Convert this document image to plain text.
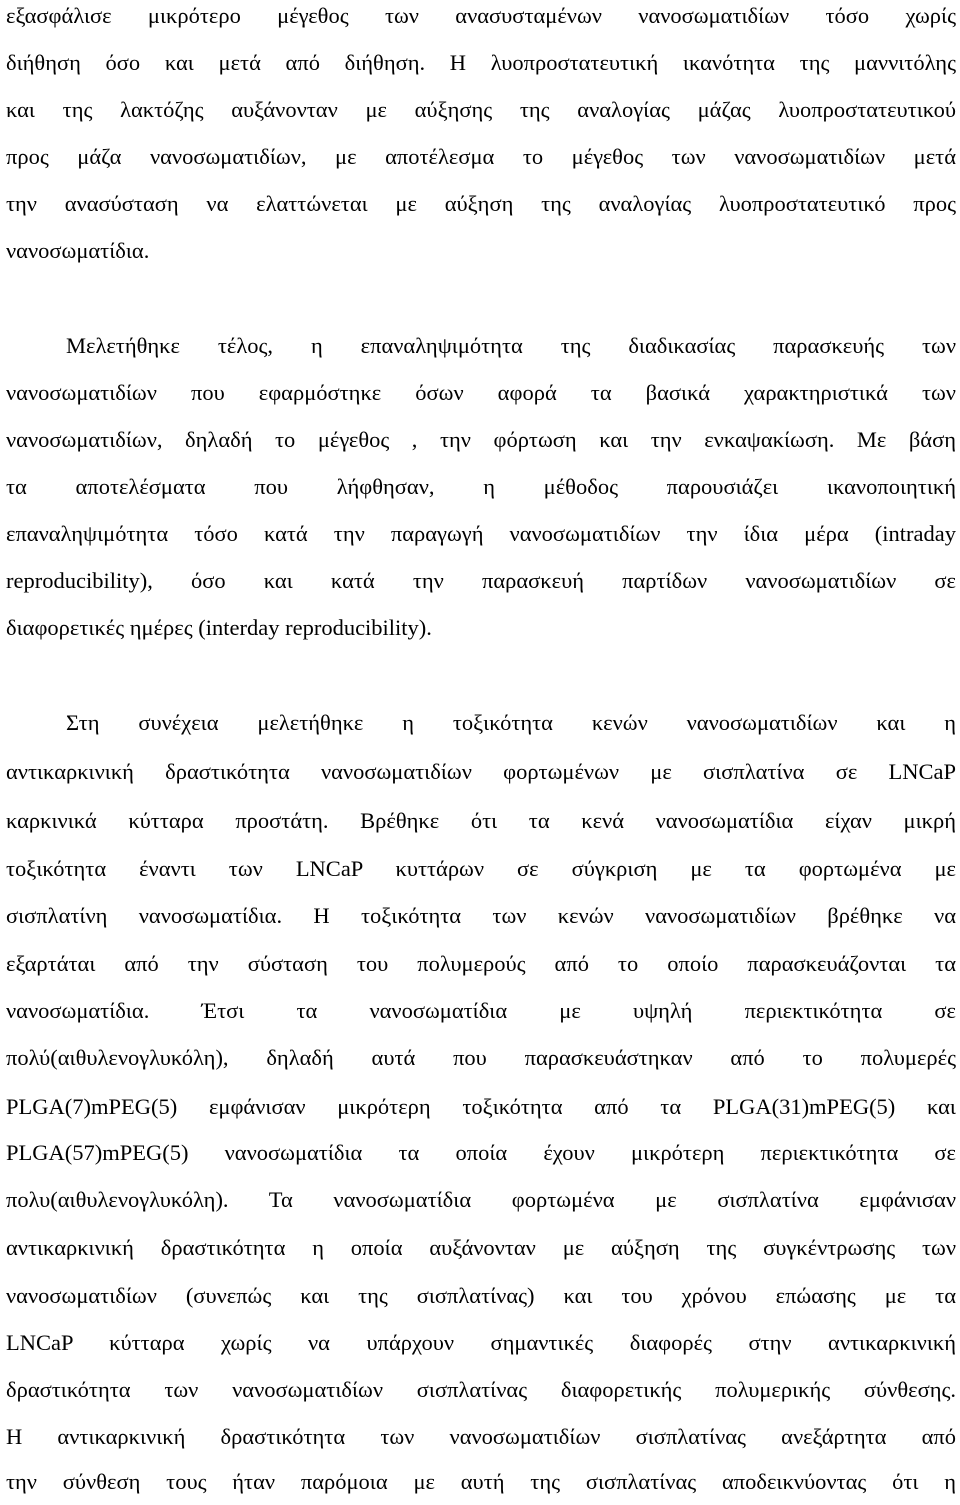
εξασφάλισε μικρότερο μέγεθος των ανασυσταμένων νανοσωματιδίων τόσο χωρίς
διήθηση όσο και μετά από διήθηση. Η λυοπροστατευτική ικανότητα της μαννιτόλης
και της λακτόζης αυξάνονταν με αύξησης της αναλογίας μάζας λυοπροστατευτικού
προς μάζα νανοσωματιδίων, με αποτέλεσμα το μέγεθος των νανοσωματιδίων μετά
την ανασύσταση να ελαττώνεται με αύξηση της αναλογίας λυοπροστατευτικό προς
νανοσωματίδια.
Μελετήθηκε τέλος, η επαναληψιμότητα της διαδικασίας παρασκευής των
νανοσωματιδίων που εφαρμόστηκε όσων αφορά τα βασικά χαρακτηριστικά των
νανοσωματιδίων, δηλαδή το μέγεθος , την φόρτωση και την ενκαψακίωση. Με βάση
τα αποτελέσματα που λήφθησαν, η μέθοδος παρουσιάζει ικανοποιητική
επαναληψιμότητα τόσο κατά την παραγωγή νανοσωματιδίων την ίδια μέρα (intraday
reproducibility), όσο και κατά την παρασκευή παρτίδων νανοσωματιδίων σε
διαφορετικές ημέρες (interday reproducibility).
Στη συνέχεια μελετήθηκε η τοξικότητα κενών νανοσωματιδίων και η
αντικαρκινική δραστικότητα νανοσωματιδίων φορτωμένων με σισπλατίνα σε LNCaP
καρκινικά κύτταρα προστάτη. Βρέθηκε ότι τα κενά νανοσωματίδια είχαν μικρή
τοξικότητα έναντι των LNCaP κυττάρων σε σύγκριση με τα φορτωμένα με
σισπλατίνη νανοσωματίδια. Η τοξικότητα των κενών νανοσωματιδίων βρέθηκε να
εξαρτάται από την σύσταση του πολυμερούς από το οποίο παρασκευάζονται τα
νανοσωματίδια. Έτσι τα νανοσωματίδια με υψηλή περιεκτικότητα σε
πολύ(αιθυλενογλυκόλη), δηλαδή αυτά που παρασκευάστηκαν από το πολυμερές
PLGA(7)mPEG(5) εμφάνισαν μικρότερη τοξικότητα από τα PLGA(31)mPEG(5) και
PLGA(57)mPEG(5) νανοσωματίδια τα οποία έχουν μικρότερη περιεκτικότητα σε
πολυ(αιθυλενογλυκόλη). Τα νανοσωματίδια φορτωμένα με σισπλατίνα εμφάνισαν
αντικαρκινική δραστικότητα η οποία αυξάνονταν με αύξηση της συγκέντρωσης των
νανοσωματιδίων (συνεπώς και της σισπλατίνας) και του χρόνου επώασης με τα
LNCaP κύτταρα χωρίς να υπάρχουν σημαντικές διαφορές στην αντικαρκινική
δραστικότητα των νανοσωματιδίων σισπλατίνας διαφορετικής πολυμερικής σύνθεσης.
Η αντικαρκινική δραστικότητα των νανοσωματιδίων σισπλατίνας ανεξάρτητα από
την σύνθεση τους ήταν παρόμοια με αυτή της σισπλατίνας αποδεικνύοντας ότι η
